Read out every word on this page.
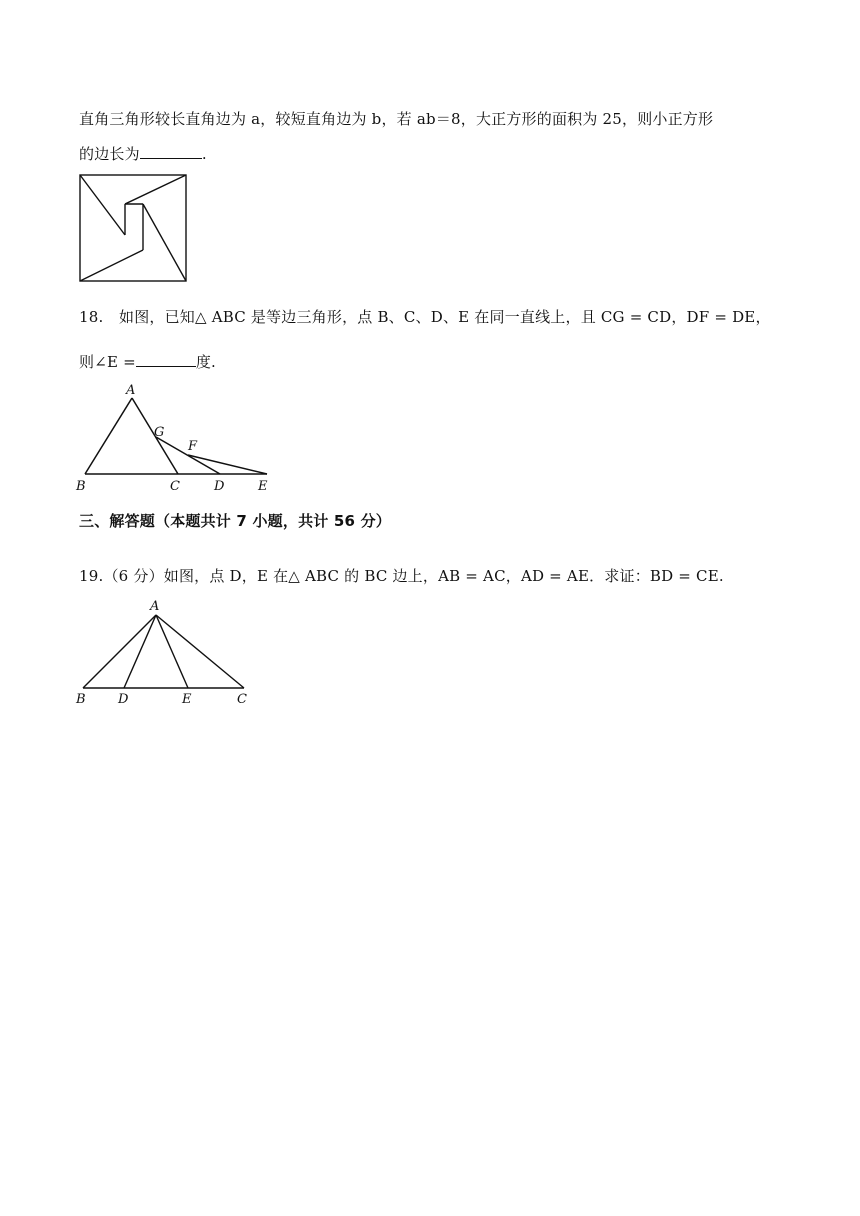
直角三角形较长直角边为 a，较短直角边为 b，若 ab＝8，大正方形的面积为 25，则小正方形
的边长为	.
18. 如图，已知△ ABC 是等边三角形，点 B、C、D、E 在同一直线上，且 CG = CD，DF = DE，
则∠E =	度.
A
B	C	D	E
F
G
三、解答题（本题共计 7 小题，共计 56 分）
19.（6 分）如图，点 D，E 在△ ABC 的 BC 边上，AB = AC，AD = AE．求证：BD = CE.
A
B D	E	C
